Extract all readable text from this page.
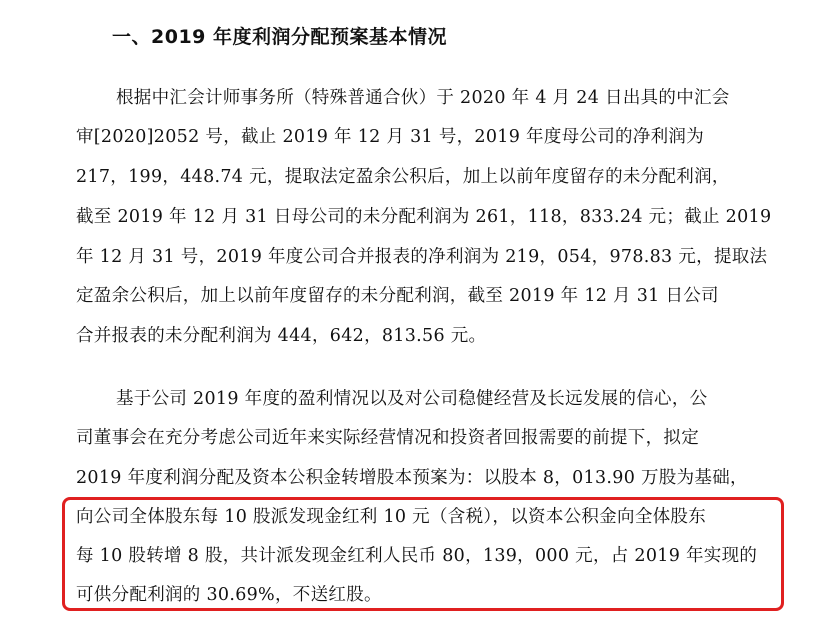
一、2019 年度利润分配预案基本情况
根据中汇会计师事务所（特殊普通合伙）于 2020 年 4 月 24 日出具的中汇会
审[2020]2052 号，截止 2019 年 12 月 31 号，2019 年度母公司的净利润为
217，199，448.74 元，提取法定盈余公积后，加上以前年度留存的未分配利润，
截至 2019 年 12 月 31 日母公司的未分配利润为 261，118，833.24 元；截止 2019
年 12 月 31 号，2019 年度公司合并报表的净利润为 219，054，978.83 元，提取法
定盈余公积后，加上以前年度留存的未分配利润，截至 2019 年 12 月 31 日公司
合并报表的未分配利润为 444，642，813.56 元。
基于公司 2019 年度的盈利情况以及对公司稳健经营及长远发展的信心，公
司董事会在充分考虑公司近年来实际经营情况和投资者回报需要的前提下，拟定
2019 年度利润分配及资本公积金转增股本预案为：以股本 8，013.90 万股为基础，
向公司全体股东每 10 股派发现金红利 10 元（含税），以资本公积金向全体股东
每 10 股转增 8 股，共计派发现金红利人民币 80，139，000 元，占 2019 年实现的
可供分配利润的 30.69%，不送红股。
